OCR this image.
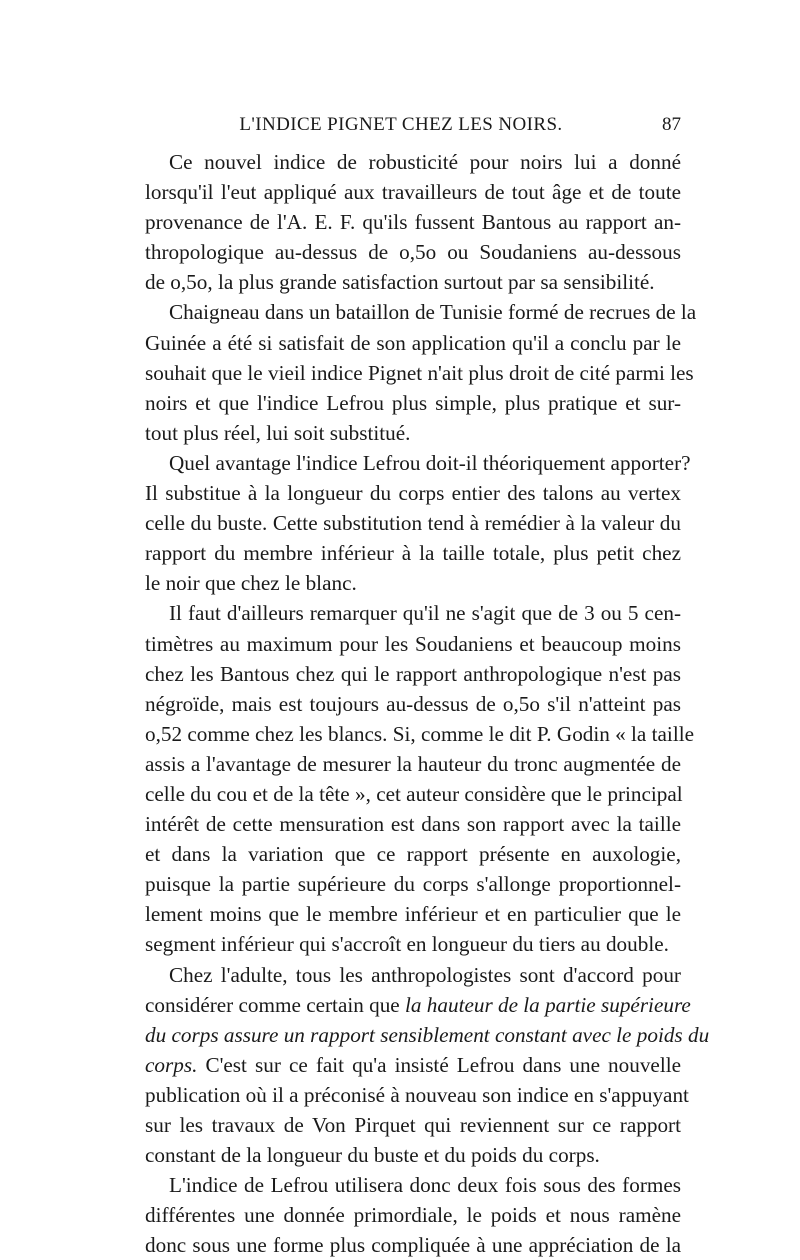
L'INDICE PIGNET CHEZ LES NOIRS.	87
Ce nouvel indice de robusticité pour noirs lui a donné
lorsqu'il l'eut appliqué aux travailleurs de tout âge et de toute
provenance de l'A. E. F. qu'ils fussent Bantous au rapport an-
thropologique au-dessus de o,5o ou Soudaniens au-dessous
de o,5o, la plus grande satisfaction surtout par sa sensibilité.
Chaigneau dans un bataillon de Tunisie formé de recrues de la
Guinée a été si satisfait de son application qu'il a conclu par le
souhait que le vieil indice Pignet n'ait plus droit de cité parmi les
noirs et que l'indice Lefrou plus simple, plus pratique et sur-
tout plus réel, lui soit substitué.
Quel avantage l'indice Lefrou doit-il théoriquement apporter?
Il substitue à la longueur du corps entier des talons au vertex
celle du buste. Cette substitution tend à remédier à la valeur du
rapport du membre inférieur à la taille totale, plus petit chez
le noir que chez le blanc.
Il faut d'ailleurs remarquer qu'il ne s'agit que de 3 ou 5 cen-
timètres au maximum pour les Soudaniens et beaucoup moins
chez les Bantous chez qui le rapport anthropologique n'est pas
négroïde, mais est toujours au-dessus de o,5o s'il n'atteint pas
o,52 comme chez les blancs. Si, comme le dit P. Godin « la taille
assis a l'avantage de mesurer la hauteur du tronc augmentée de
celle du cou et de la tête », cet auteur considère que le principal
intérêt de cette mensuration est dans son rapport avec la taille
et dans la variation que ce rapport présente en auxologie,
puisque la partie supérieure du corps s'allonge proportionnel-
lement moins que le membre inférieur et en particulier que le
segment inférieur qui s'accroît en longueur du tiers au double.
Chez l'adulte, tous les anthropologistes sont d'accord pour
considérer comme certain que la hauteur de la partie supérieure
du corps assure un rapport sensiblement constant avec le poids du
corps. C'est sur ce fait qu'a insisté Lefrou dans une nouvelle
publication où il a préconisé à nouveau son indice en s'appuyant
sur les travaux de Von Pirquet qui reviennent sur ce rapport
constant de la longueur du buste et du poids du corps.
L'indice de Lefrou utilisera donc deux fois sous des formes
différentes une donnée primordiale, le poids et nous ramène
donc sous une forme plus compliquée à une appréciation de la
